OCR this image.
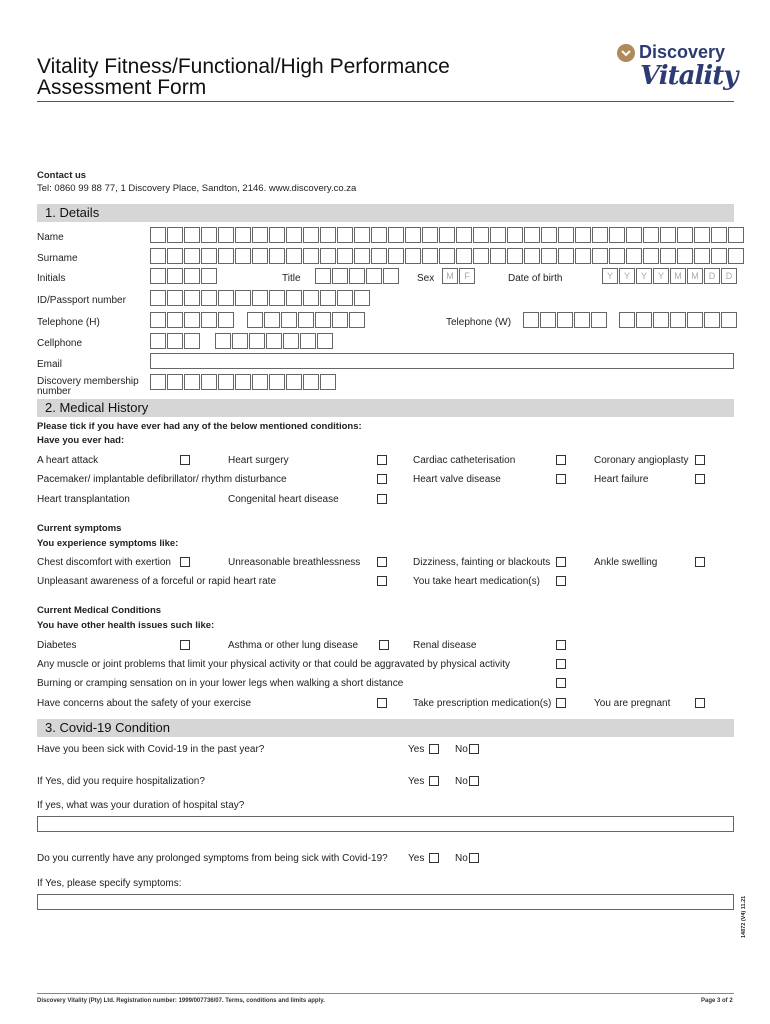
Vitality Fitness/Functional/High Performance
Assessment Form
Discovery
Vitality
Contact us
Tel: 0860 99 88 77, 1 Discovery Place, Sandton, 2146. www.discovery.co.za
1. Details
Name
Surname
Initials	Title	Sex	M	F	Date of birth	Y	Y	Y	Y	M	M	D	D
ID/Passport number
Telephone (H)	Telephone (W)
Cellphone
Email
Discovery membership
number
2. Medical History
Please tick if you have ever had any of the below mentioned conditions:
Have you ever had:
A heart attack	Heart surgery	Cardiac catheterisation	Coronary angioplasty
Pacemaker/ implantable defibrillator/ rhythm disturbance	Heart valve disease	Heart failure
Heart transplantation	Congenital heart disease
Current symptoms
You experience symptoms like:
Chest discomfort with exertion	Unreasonable breathlessness	Dizziness, fainting or blackouts	Ankle swelling
Unpleasant awareness of a forceful or rapid heart rate	You take heart medication(s)
Current Medical Conditions
You have other health issues such like:
Diabetes	Asthma or other lung disease	Renal disease
Any muscle or joint problems that limit your physical activity or that could be aggravated by physical activity
Burning or cramping sensation on in your lower legs when walking a short distance
Have concerns about the safety of your exercise	Take prescription medication(s)	You are pregnant
3. Covid-19 Condition
Have you been sick with Covid-19 in the past year?	Yes	No
If Yes, did you require hospitalization?	Yes	No
If yes, what was your duration of hospital stay?
Do you currently have any prolonged symptoms from being sick with Covid-19? Yes	No
If Yes, please specify symptoms:
14872 (V4) 11.21
Discovery Vitality (Pty) Ltd. Registration number: 1999/007736/07. Terms, conditions and limits apply.	Page 3 of 2
